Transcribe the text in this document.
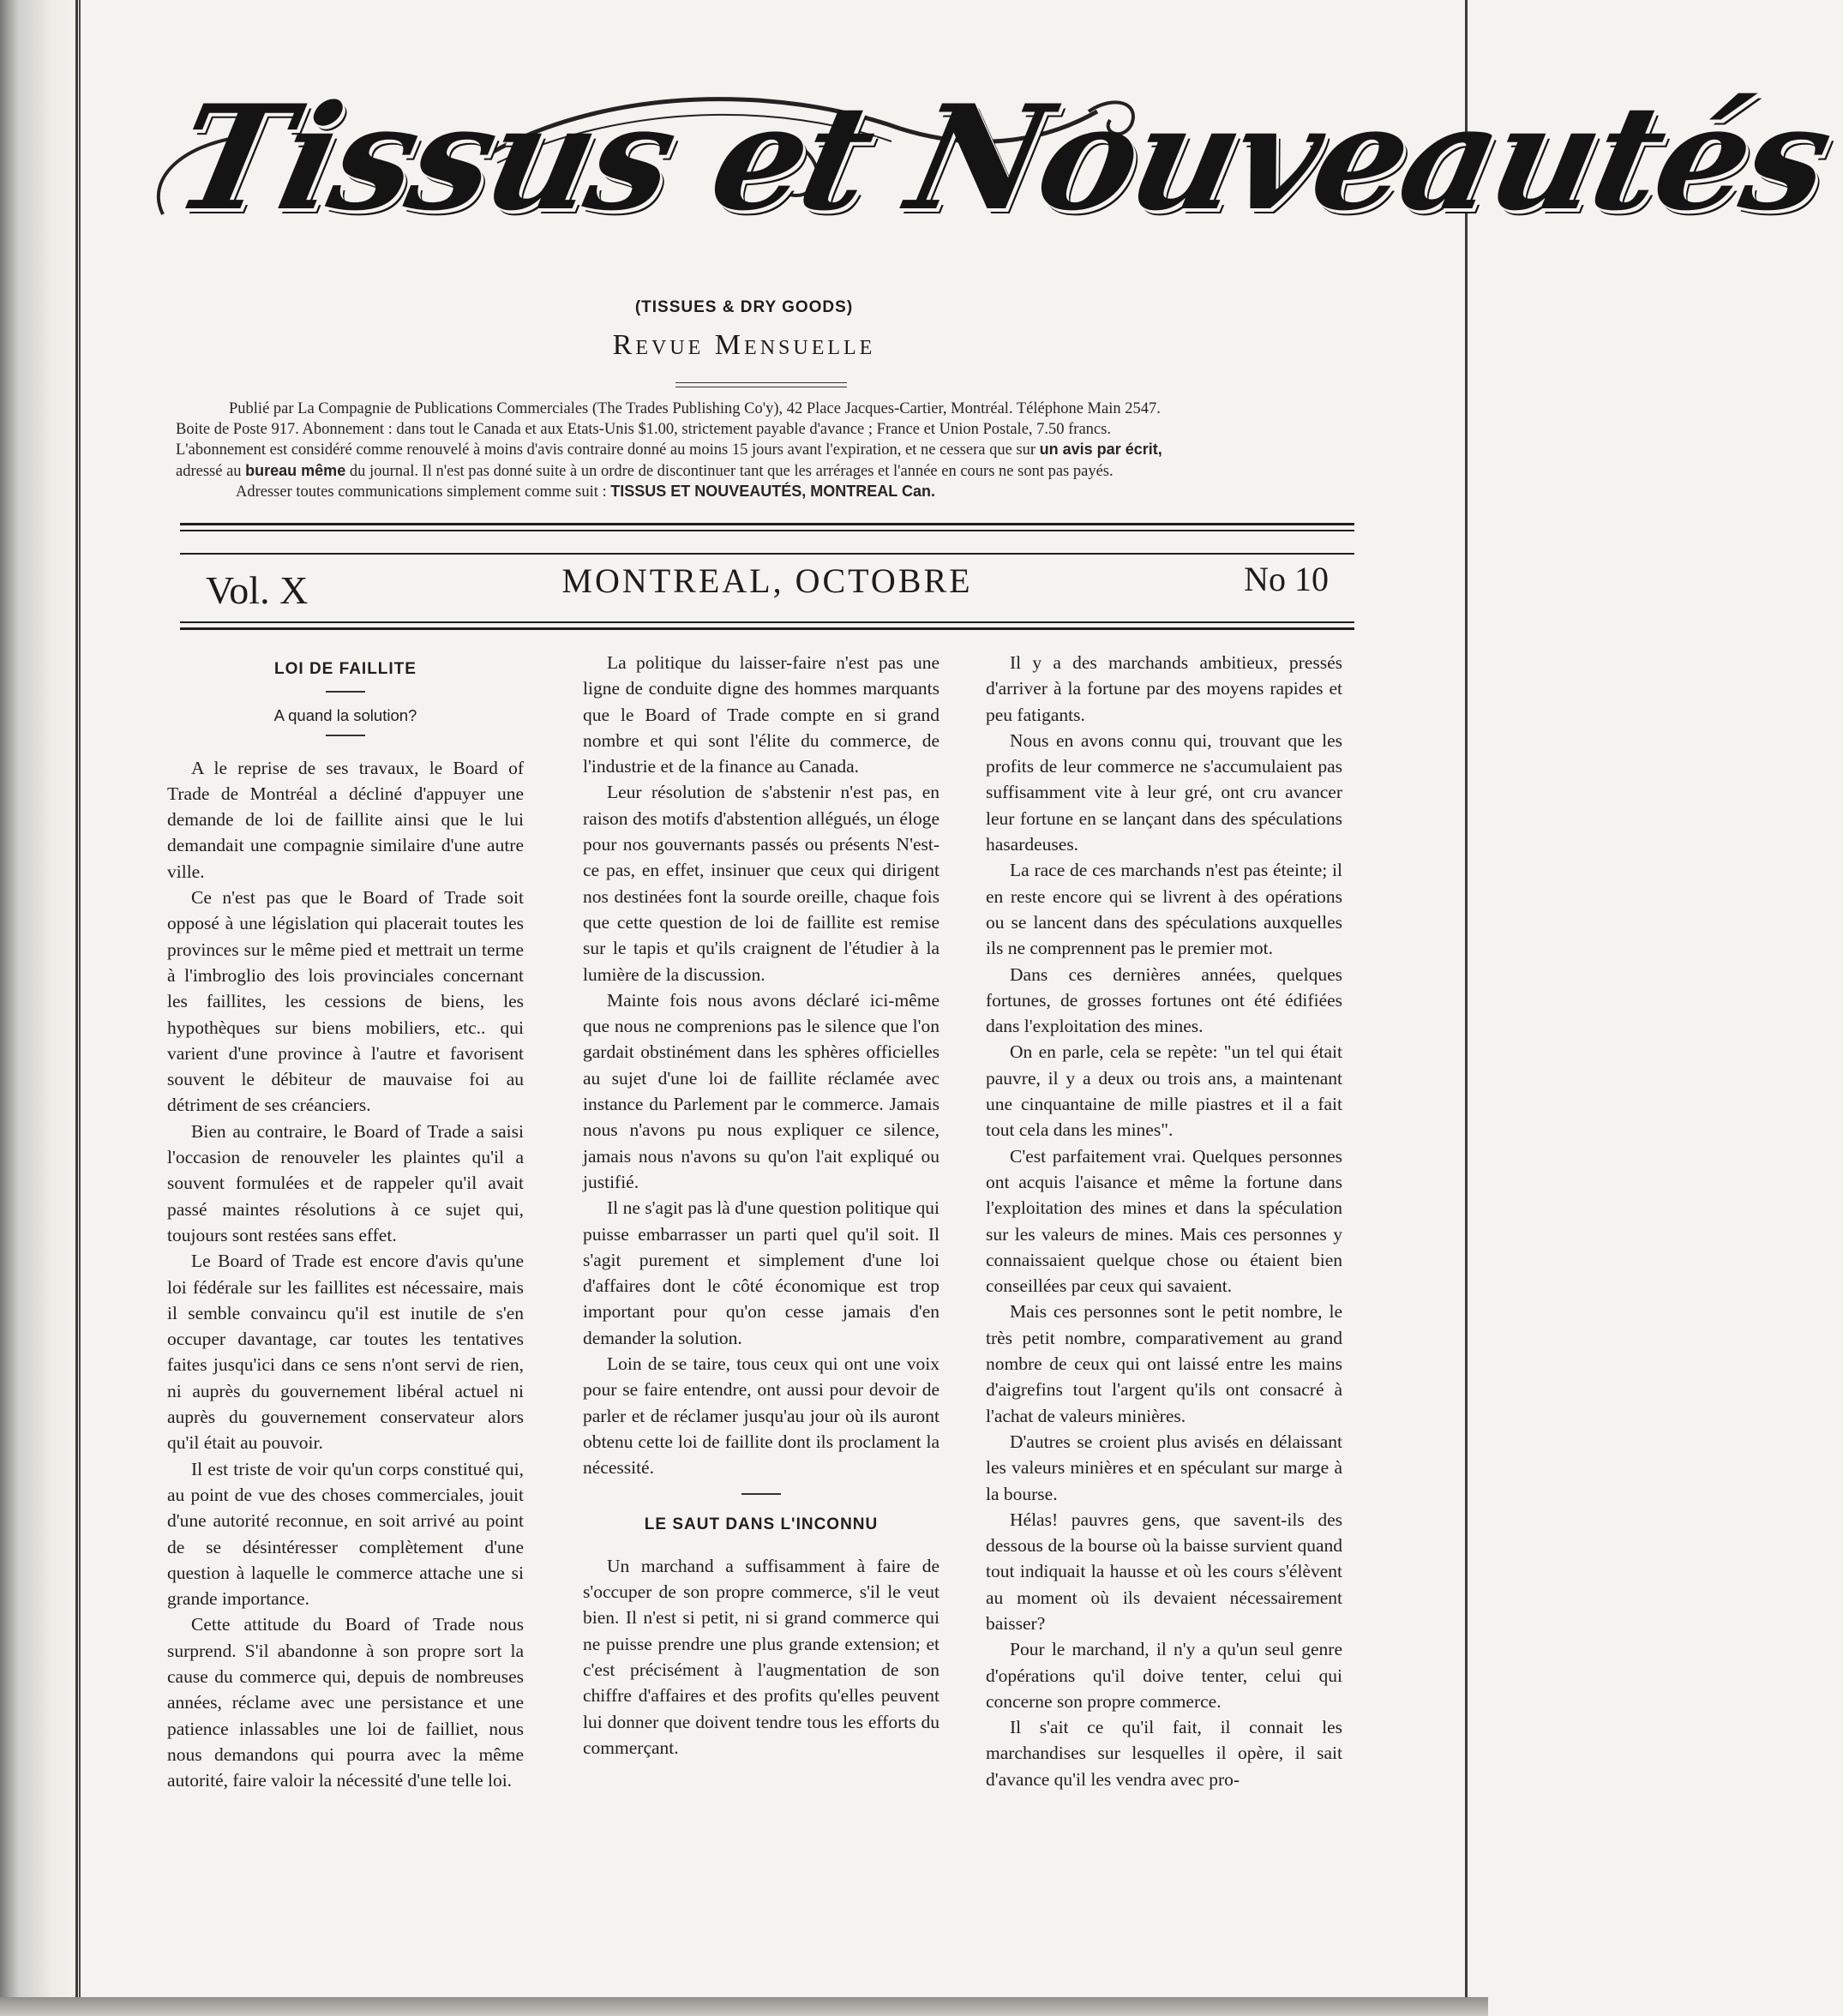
Tissus et Nouveautés
(TISSUES & DRY GOODS)
Revue Mensuelle

Publié par La Compagnie de Publications Commerciales (The Trades Publishing Co'y), 42 Place Jacques-Cartier, Montréal. Téléphone Main 2547.

Boite de Poste 917. Abonnement : dans tout le Canada et aux Etats-Unis $1.00, strictement payable d'avance ; France et Union Postale, 7.50 francs.

L'abonnement est considéré comme renouvelé à moins d'avis contraire donné au moins 15 jours avant l'expiration, et ne cessera que sur un avis par écrit,

adressé au bureau même du journal. Il n'est pas donné suite à un ordre de discontinuer tant que les arrérages et l'année en cours ne sont pas payés.

Adresser toutes communications simplement comme suit : TISSUS ET NOUVEAUTÉS, MONTREAL Can.

Vol. X	MONTREAL, OCTOBRE	No 10
LOI DE FAILLITE
A quand la solution?

A le reprise de ses travaux, le Board of Trade de Montréal a décliné d'appuyer une demande de loi de faillite ainsi que le lui demandait une compagnie similaire d'une autre ville.

Ce n'est pas que le Board of Trade soit opposé à une législation qui placerait toutes les provinces sur le même pied et mettrait un terme à l'imbroglio des lois provinciales concernant les faillites, les cessions de biens, les hypothèques sur biens mobiliers, etc.. qui varient d'une province à l'autre et favorisent souvent le débiteur de mauvaise foi au détriment de ses créanciers.

Bien au contraire, le Board of Trade a saisi l'occasion de renouveler les plaintes qu'il a souvent formulées et de rappeler qu'il avait passé maintes résolutions à ce sujet qui, toujours sont restées sans effet.

Le Board of Trade est encore d'avis qu'une loi fédérale sur les faillites est nécessaire, mais il semble convaincu qu'il est inutile de s'en occuper davantage, car toutes les tentatives faites jusqu'ici dans ce sens n'ont servi de rien, ni auprès du gouvernement libéral actuel ni auprès du gouvernement conservateur alors qu'il était au pouvoir.

Il est triste de voir qu'un corps constitué qui, au point de vue des choses commerciales, jouit d'une autorité reconnue, en soit arrivé au point de se désintéresser complètement d'une question à laquelle le commerce attache une si grande importance.

Cette attitude du Board of Trade nous surprend. S'il abandonne à son propre sort la cause du commerce qui, depuis de nombreuses années, réclame avec une persistance et une patience inlassables une loi de failliet, nous nous demandons qui pourra avec la même autorité, faire valoir la nécessité d'une telle loi.

La politique du laisser-faire n'est pas une ligne de conduite digne des hommes marquants que le Board of Trade compte en si grand nombre et qui sont l'élite du commerce, de l'industrie et de la finance au Canada.

Leur résolution de s'abstenir n'est pas, en raison des motifs d'abstention allégués, un éloge pour nos gouvernants passés ou présents N'est-ce pas, en effet, insinuer que ceux qui dirigent nos destinées font la sourde oreille, chaque fois que cette question de loi de faillite est remise sur le tapis et qu'ils craignent de l'étudier à la lumière de la discussion.

Mainte fois nous avons déclaré ici-même que nous ne comprenions pas le silence que l'on gardait obstinément dans les sphères officielles au sujet d'une loi de faillite réclamée avec instance du Parlement par le commerce. Jamais nous n'avons pu nous expliquer ce silence, jamais nous n'avons su qu'on l'ait expliqué ou justifié.

Il ne s'agit pas là d'une question politique qui puisse embarrasser un parti quel qu'il soit. Il s'agit purement et simplement d'une loi d'affaires dont le côté économique est trop important pour qu'on cesse jamais d'en demander la solution.

Loin de se taire, tous ceux qui ont une voix pour se faire entendre, ont aussi pour devoir de parler et de réclamer jusqu'au jour où ils auront obtenu cette loi de faillite dont ils proclament la nécessité.

LE SAUT DANS L'INCONNU

Un marchand a suffisamment à faire de s'occuper de son propre commerce, s'il le veut bien. Il n'est si petit, ni si grand commerce qui ne puisse prendre une plus grande extension; et c'est précisément à l'augmentation de son chiffre d'affaires et des profits qu'elles peuvent lui donner que doivent tendre tous les efforts du commerçant.

Il y a des marchands ambitieux, pressés d'arriver à la fortune par des moyens rapides et peu fatigants.

Nous en avons connu qui, trouvant que les profits de leur commerce ne s'accumulaient pas suffisamment vite à leur gré, ont cru avancer leur fortune en se lançant dans des spéculations hasardeuses.

La race de ces marchands n'est pas éteinte; il en reste encore qui se livrent à des opérations ou se lancent dans des spéculations auxquelles ils ne comprennent pas le premier mot.

Dans ces dernières années, quelques fortunes, de grosses fortunes ont été édifiées dans l'exploitation des mines.

On en parle, cela se repète: "un tel qui était pauvre, il y a deux ou trois ans, a maintenant une cinquantaine de mille piastres et il a fait tout cela dans les mines".

C'est parfaitement vrai. Quelques personnes ont acquis l'aisance et même la fortune dans l'exploitation des mines et dans la spéculation sur les valeurs de mines. Mais ces personnes y connaissaient quelque chose ou étaient bien conseillées par ceux qui savaient.

Mais ces personnes sont le petit nombre, le très petit nombre, comparativement au grand nombre de ceux qui ont laissé entre les mains d'aigrefins tout l'argent qu'ils ont consacré à l'achat de valeurs minières.

D'autres se croient plus avisés en délaissant les valeurs minières et en spéculant sur marge à la bourse.

Hélas! pauvres gens, que savent-ils des dessous de la bourse où la baisse survient quand tout indiquait la hausse et où les cours s'élèvent au moment où ils devaient nécessairement baisser?

Pour le marchand, il n'y a qu'un seul genre d'opérations qu'il doive tenter, celui qui concerne son propre commerce.

Il s'ait ce qu'il fait, il connait les marchandises sur lesquelles il opère, il sait d'avance qu'il les vendra avec pro-
